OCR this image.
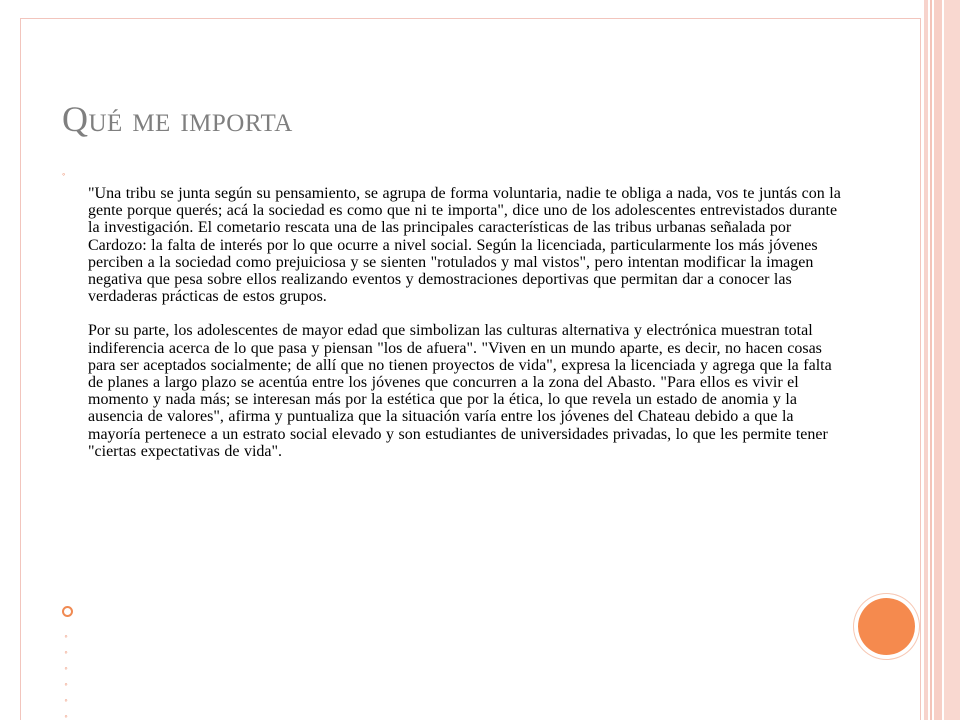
Qué me importa
◦

"Una tribu se junta según su pensamiento, se agrupa de forma voluntaria, nadie te obliga a nada, vos te juntás con la gente porque querés; acá la sociedad es como que ni te importa", dice uno de los adolescentes entrevistados durante la investigación. El cometario rescata una de las principales características de las tribus urbanas señalada por Cardozo: la falta de interés por lo que ocurre a nivel social. Según la licenciada, particularmente los más jóvenes perciben a la sociedad como prejuiciosa y se sienten "rotulados y mal vistos", pero intentan modificar la imagen negativa que pesa sobre ellos realizando eventos y demostraciones deportivas que permitan dar a conocer las verdaderas prácticas de estos grupos.

Por su parte, los adolescentes de mayor edad que simbolizan las culturas alternativa y electrónica muestran total indiferencia acerca de lo que pasa y piensan "los de afuera". "Viven en un mundo aparte, es decir, no hacen cosas para ser aceptados socialmente; de allí que no tienen proyectos de vida", expresa la licenciada y agrega que la falta de planes a largo plazo se acentúa entre los jóvenes que concurren a la zona del Abasto. "Para ellos es vivir el momento y nada más; se interesan más por la estética que por la ética, lo que revela un estado de anomia y la ausencia de valores", afirma y puntualiza que la situación varía entre los jóvenes del Chateau debido a que la mayoría pertenece a un estrato social elevado y son estudiantes de universidades privadas, lo que les permite tener "ciertas expectativas de vida".

◦
◦
◦
◦
◦
◦
